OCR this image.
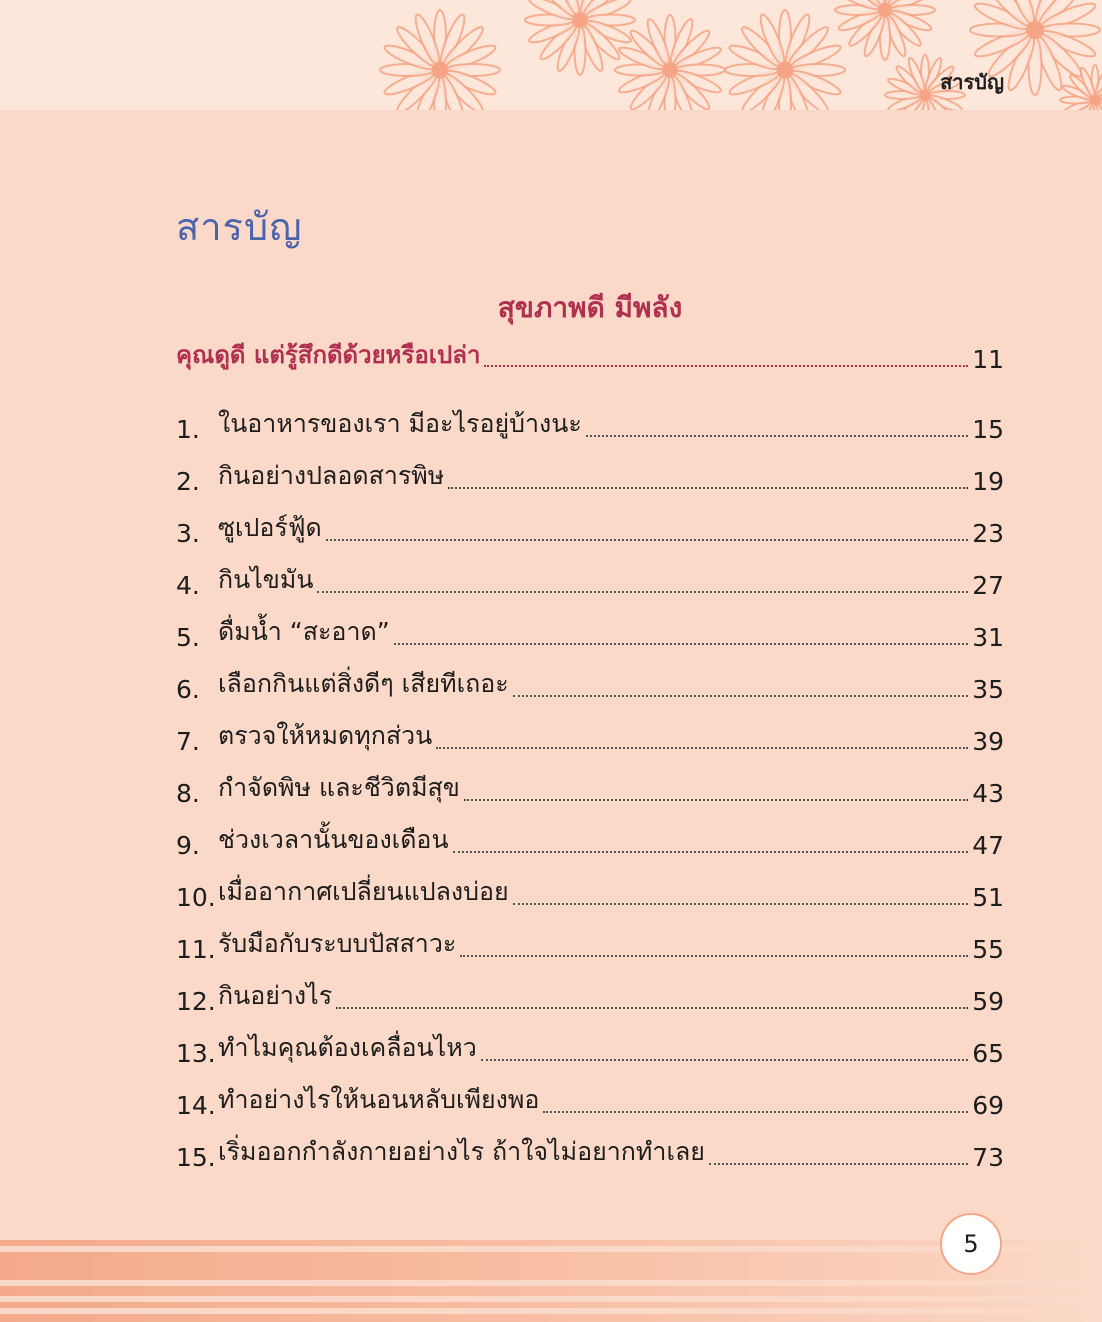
สารบัญ
สารบัญ
สุขภาพดี มีพลัง
คุณดูดี แต่รู้สึกดีด้วยหรือเปล่า	11
1. ในอาหารของเรา มีอะไรอยู่บ้างนะ	15
2. กินอย่างปลอดสารพิษ	19
3. ซูเปอร์ฟู้ด	23
4. กินไขมัน	27
5. ดื่มน้ำ “สะอาด”	31
6. เลือกกินแต่สิ่งดีๆ เสียทีเถอะ	35
7. ตรวจให้หมดทุกส่วน	39
8. กำจัดพิษ และชีวิตมีสุข	43
9. ช่วงเวลานั้นของเดือน	47
10. เมื่ออากาศเปลี่ยนแปลงบ่อย	51
11. รับมือกับระบบปัสสาวะ	55
12. กินอย่างไร	59
13. ทำไมคุณต้องเคลื่อนไหว	65
14. ทำอย่างไรให้นอนหลับเพียงพอ	69
15. เริ่มออกกำลังกายอย่างไร ถ้าใจไม่อยากทำเลย	73
5
